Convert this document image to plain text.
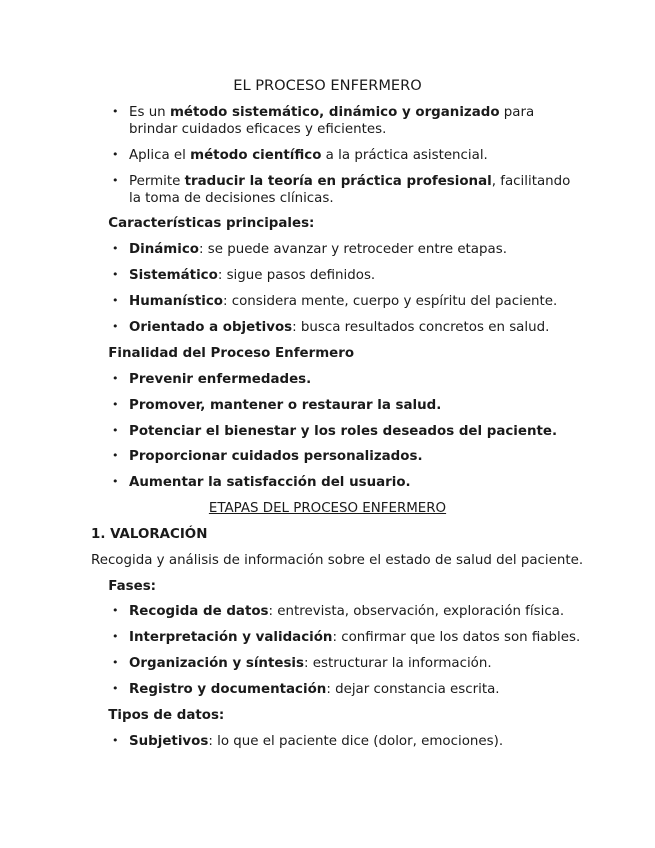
EL PROCESO ENFERMERO
• Es un método sistemático, dinámico y organizado para
brindar cuidados eficaces y eficientes.
• Aplica el método científico a la práctica asistencial.
• Permite traducir la teoría en práctica profesional, facilitando
la toma de decisiones clínicas.
Características principales:
• Dinámico: se puede avanzar y retroceder entre etapas.
• Sistemático: sigue pasos definidos.
• Humanístico: considera mente, cuerpo y espíritu del paciente.
• Orientado a objetivos: busca resultados concretos en salud.
Finalidad del Proceso Enfermero
• Prevenir enfermedades.
• Promover, mantener o restaurar la salud.
• Potenciar el bienestar y los roles deseados del paciente.
• Proporcionar cuidados personalizados.
• Aumentar la satisfacción del usuario.
ETAPAS DEL PROCESO ENFERMERO
1. VALORACIÓN
Recogida y análisis de información sobre el estado de salud del paciente.
Fases:
• Recogida de datos: entrevista, observación, exploración física.
• Interpretación y validación: confirmar que los datos son fiables.
• Organización y síntesis: estructurar la información.
• Registro y documentación: dejar constancia escrita.
Tipos de datos:
• Subjetivos: lo que el paciente dice (dolor, emociones).
